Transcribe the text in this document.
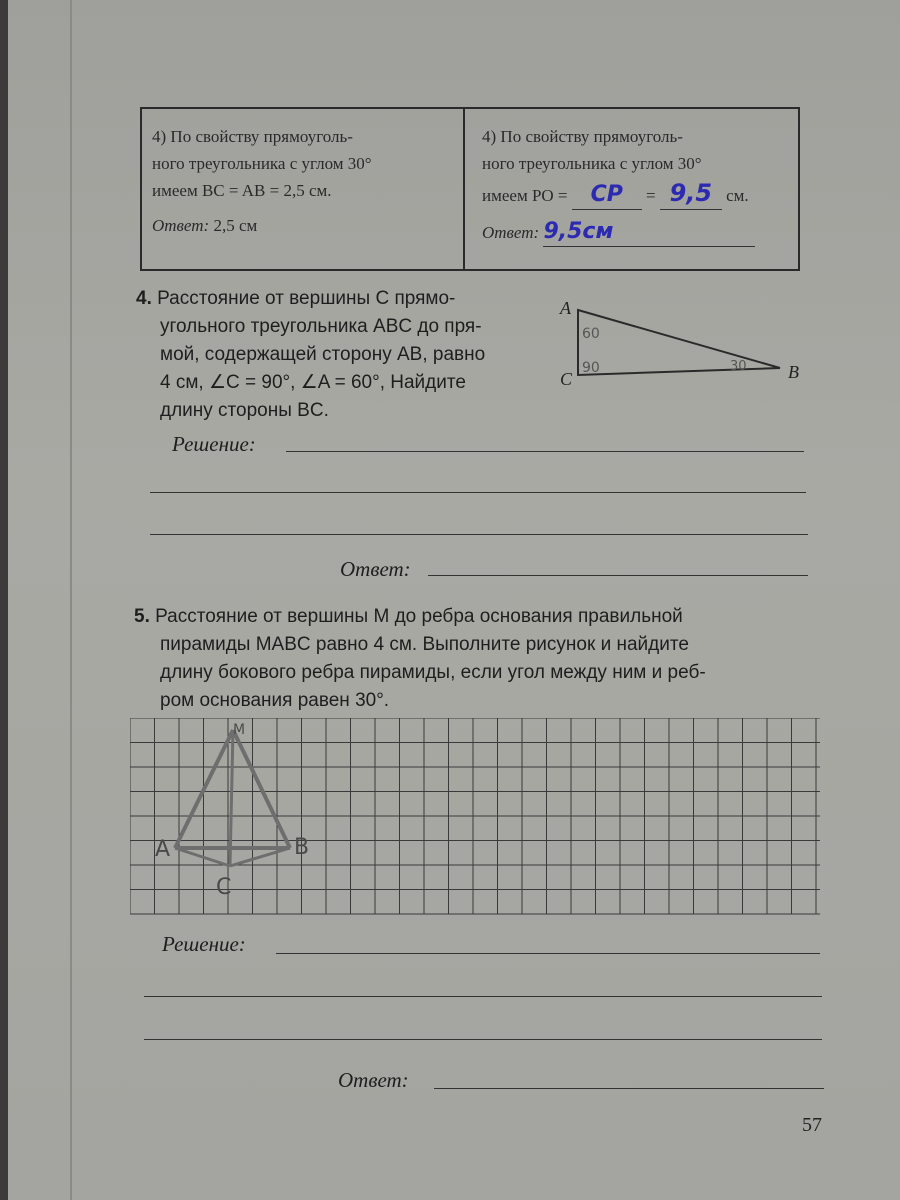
4) По свойству прямоуголь-
ного треугольника с углом 30°
имеем BC = AB = 2,5 см.
Ответ: 2,5 см
4) По свойству прямоуголь-
ного треугольника с углом 30°
имеем PO = CP = 9,5 см.
Ответ: 9,5см
4. Расстояние от вершины C прямо-
угольного треугольника ABC до пря-
мой, содержащей сторону AB, равно
4 см, ∠C = 90°, ∠A = 60°, Найдите
длину стороны BC.
A
C	B
60
90	30
Решение:
Ответ:
5. Расстояние от вершины M до ребра основания правильной
пирамиды MABC равно 4 см. Выполните рисунок и найдите
длину бокового ребра пирамиды, если угол между ним и реб-
ром основания равен 30°.
M
A	B
C
Решение:
Ответ:
57
